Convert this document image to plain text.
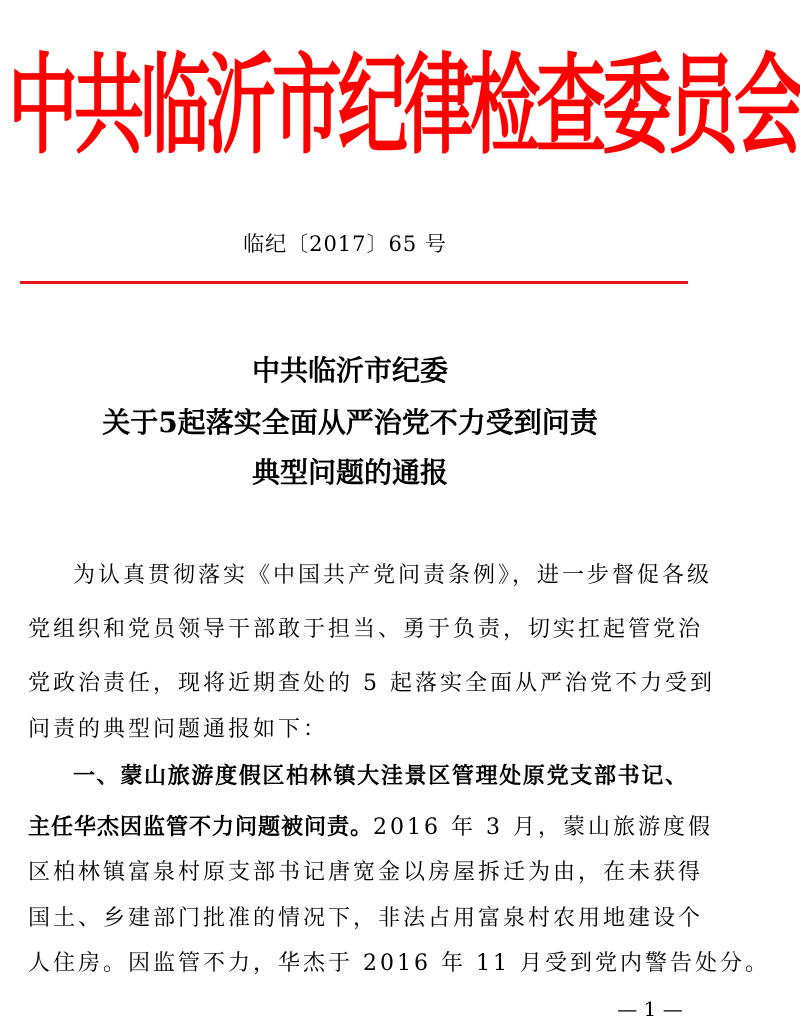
中共临沂市纪律检查委员会
临纪〔2017〕65 号
中共临沂市纪委
关于5起落实全面从严治党不力受到问责
典型问题的通报
为认真贯彻落实《中国共产党问责条例》，进一步督促各级
党组织和党员领导干部敢于担当、勇于负责，切实扛起管党治
党政治责任，现将近期查处的 5 起落实全面从严治党不力受到
问责的典型问题通报如下：
一、蒙山旅游度假区柏林镇大洼景区管理处原党支部书记、
主任华杰因监管不力问题被问责。2016 年 3 月，蒙山旅游度假
区柏林镇富泉村原支部书记唐宽金以房屋拆迁为由，在未获得
国土、乡建部门批准的情况下，非法占用富泉村农用地建设个
人住房。因监管不力，华杰于 2016 年 11 月受到党内警告处分。
— 1 —
